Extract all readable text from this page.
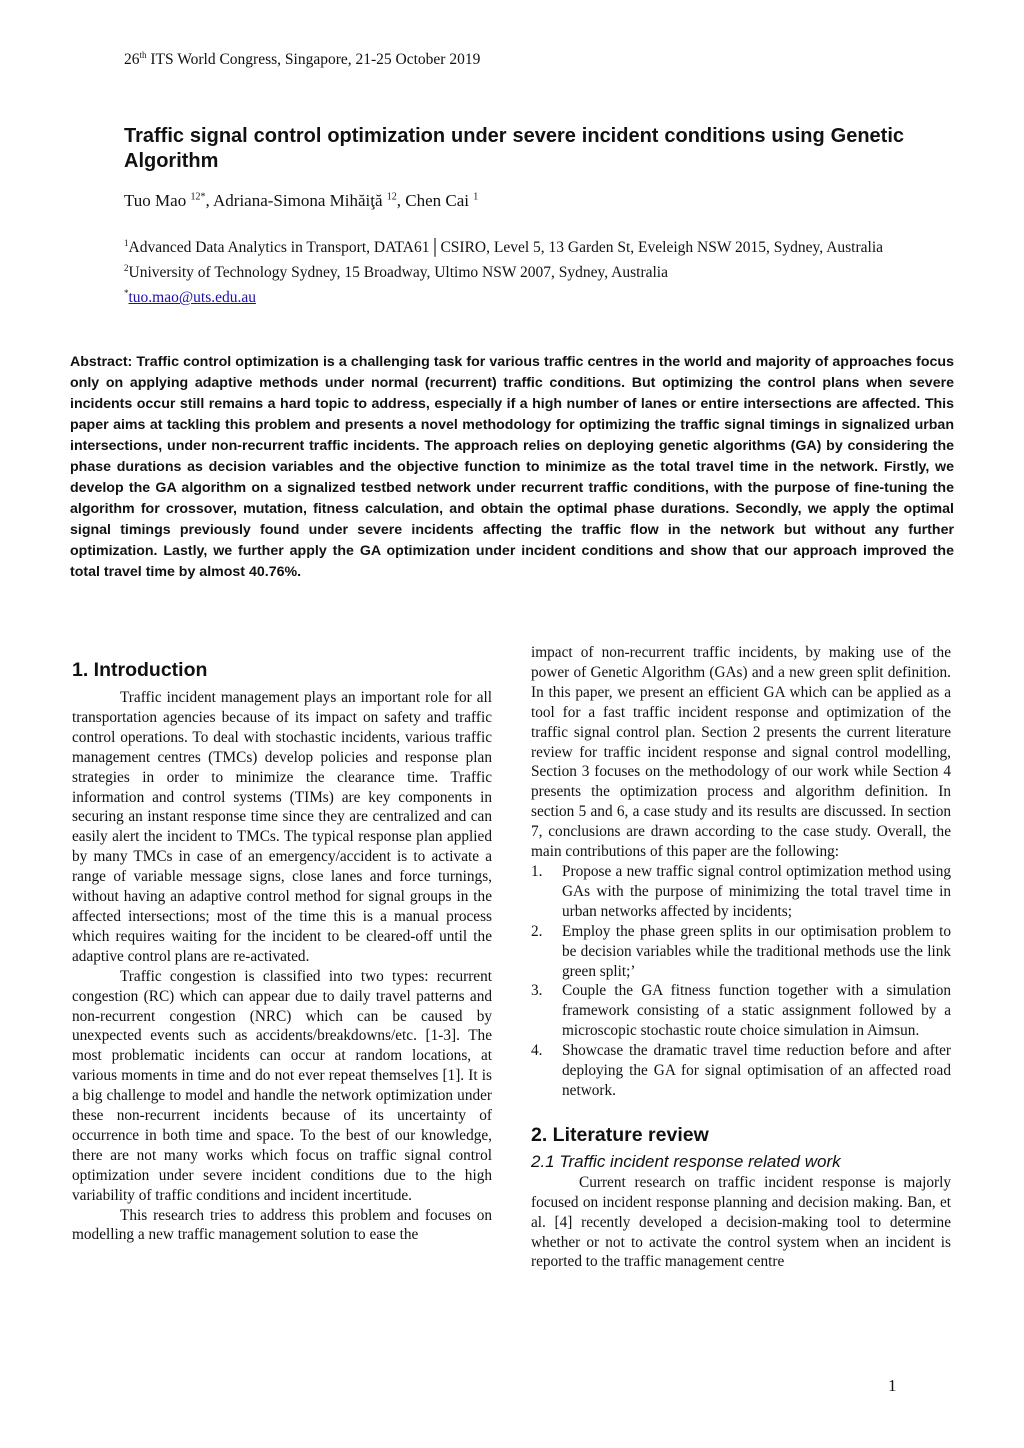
26th ITS World Congress, Singapore, 21-25 October 2019
Traffic signal control optimization under severe incident conditions using Genetic Algorithm
Tuo Mao $^{12*}$, Adriana-Simona Mihăiţă $^{12}$, Chen Cai $^1$
$^1$Advanced Data Analytics in Transport, DATA61│CSIRO, Level 5, 13 Garden St, Eveleigh NSW 2015, Sydney, Australia
$^2$University of Technology Sydney, 15 Broadway, Ultimo NSW 2007, Sydney, Australia
*tuo.mao@uts.edu.au

Abstract: Traffic control optimization is a challenging task for various traffic centres in the world and majority of approaches focus only on applying adaptive methods under normal (recurrent) traffic conditions. But optimizing the control plans when severe incidents occur still remains a hard topic to address, especially if a high number of lanes or entire intersections are affected. This paper aims at tackling this problem and presents a novel methodology for optimizing the traffic signal timings in signalized urban intersections, under non-recurrent traffic incidents. The approach relies on deploying genetic algorithms (GA) by considering the phase durations as decision variables and the objective function to minimize as the total travel time in the network. Firstly, we develop the GA algorithm on a signalized testbed network under recurrent traffic conditions, with the purpose of fine-tuning the algorithm for crossover, mutation, fitness calculation, and obtain the optimal phase durations. Secondly, we apply the optimal signal timings previously found under severe incidents affecting the traffic flow in the network but without any further optimization. Lastly, we further apply the GA optimization under incident conditions and show that our approach improved the total travel time by almost 40.76%.

1. Introduction

Traffic incident management plays an important role for all transportation agencies because of its impact on safety and traffic control operations. To deal with stochastic incidents, various traffic management centres (TMCs) develop policies and response plan strategies in order to minimize the clearance time. Traffic information and control systems (TIMs) are key components in securing an instant response time since they are centralized and can easily alert the incident to TMCs. The typical response plan applied by many TMCs in case of an emergency/accident is to activate a range of variable message signs, close lanes and force turnings, without having an adaptive control method for signal groups in the affected intersections; most of the time this is a manual process which requires waiting for the incident to be cleared-off until the adaptive control plans are re-activated.

Traffic congestion is classified into two types: recurrent congestion (RC) which can appear due to daily travel patterns and non-recurrent congestion (NRC) which can be caused by unexpected events such as accidents/breakdowns/etc. [1-3]. The most problematic incidents can occur at random locations, at various moments in time and do not ever repeat themselves [1]. It is a big challenge to model and handle the network optimization under these non-recurrent incidents because of its uncertainty of occurrence in both time and space. To the best of our knowledge, there are not many works which focus on traffic signal control optimization under severe incident conditions due to the high variability of traffic conditions and incident incertitude.

This research tries to address this problem and focuses on modelling a new traffic management solution to ease the

impact of non-recurrent traffic incidents, by making use of the power of Genetic Algorithm (GAs) and a new green split definition. In this paper, we present an efficient GA which can be applied as a tool for a fast traffic incident response and optimization of the traffic signal control plan. Section 2 presents the current literature review for traffic incident response and signal control modelling, Section 3 focuses on the methodology of our work while Section 4 presents the optimization process and algorithm definition. In section 5 and 6, a case study and its results are discussed. In section 7, conclusions are drawn according to the case study. Overall, the main contributions of this paper are the following:

1. Propose a new traffic signal control optimization method using GAs with the purpose of minimizing the total travel time in urban networks affected by incidents;
2. Employ the phase green splits in our optimisation problem to be decision variables while the traditional methods use the link green split;’
3. Couple the GA fitness function together with a simulation framework consisting of a static assignment followed by a microscopic stochastic route choice simulation in Aimsun.
4. Showcase the dramatic travel time reduction before and after deploying the GA for signal optimisation of an affected road network.
2. Literature review
2.1 Traffic incident response related work

Current research on traffic incident response is majorly focused on incident response planning and decision making. Ban, et al. [4] recently developed a decision-making tool to determine whether or not to activate the control system when an incident is reported to the traffic management centre

1
